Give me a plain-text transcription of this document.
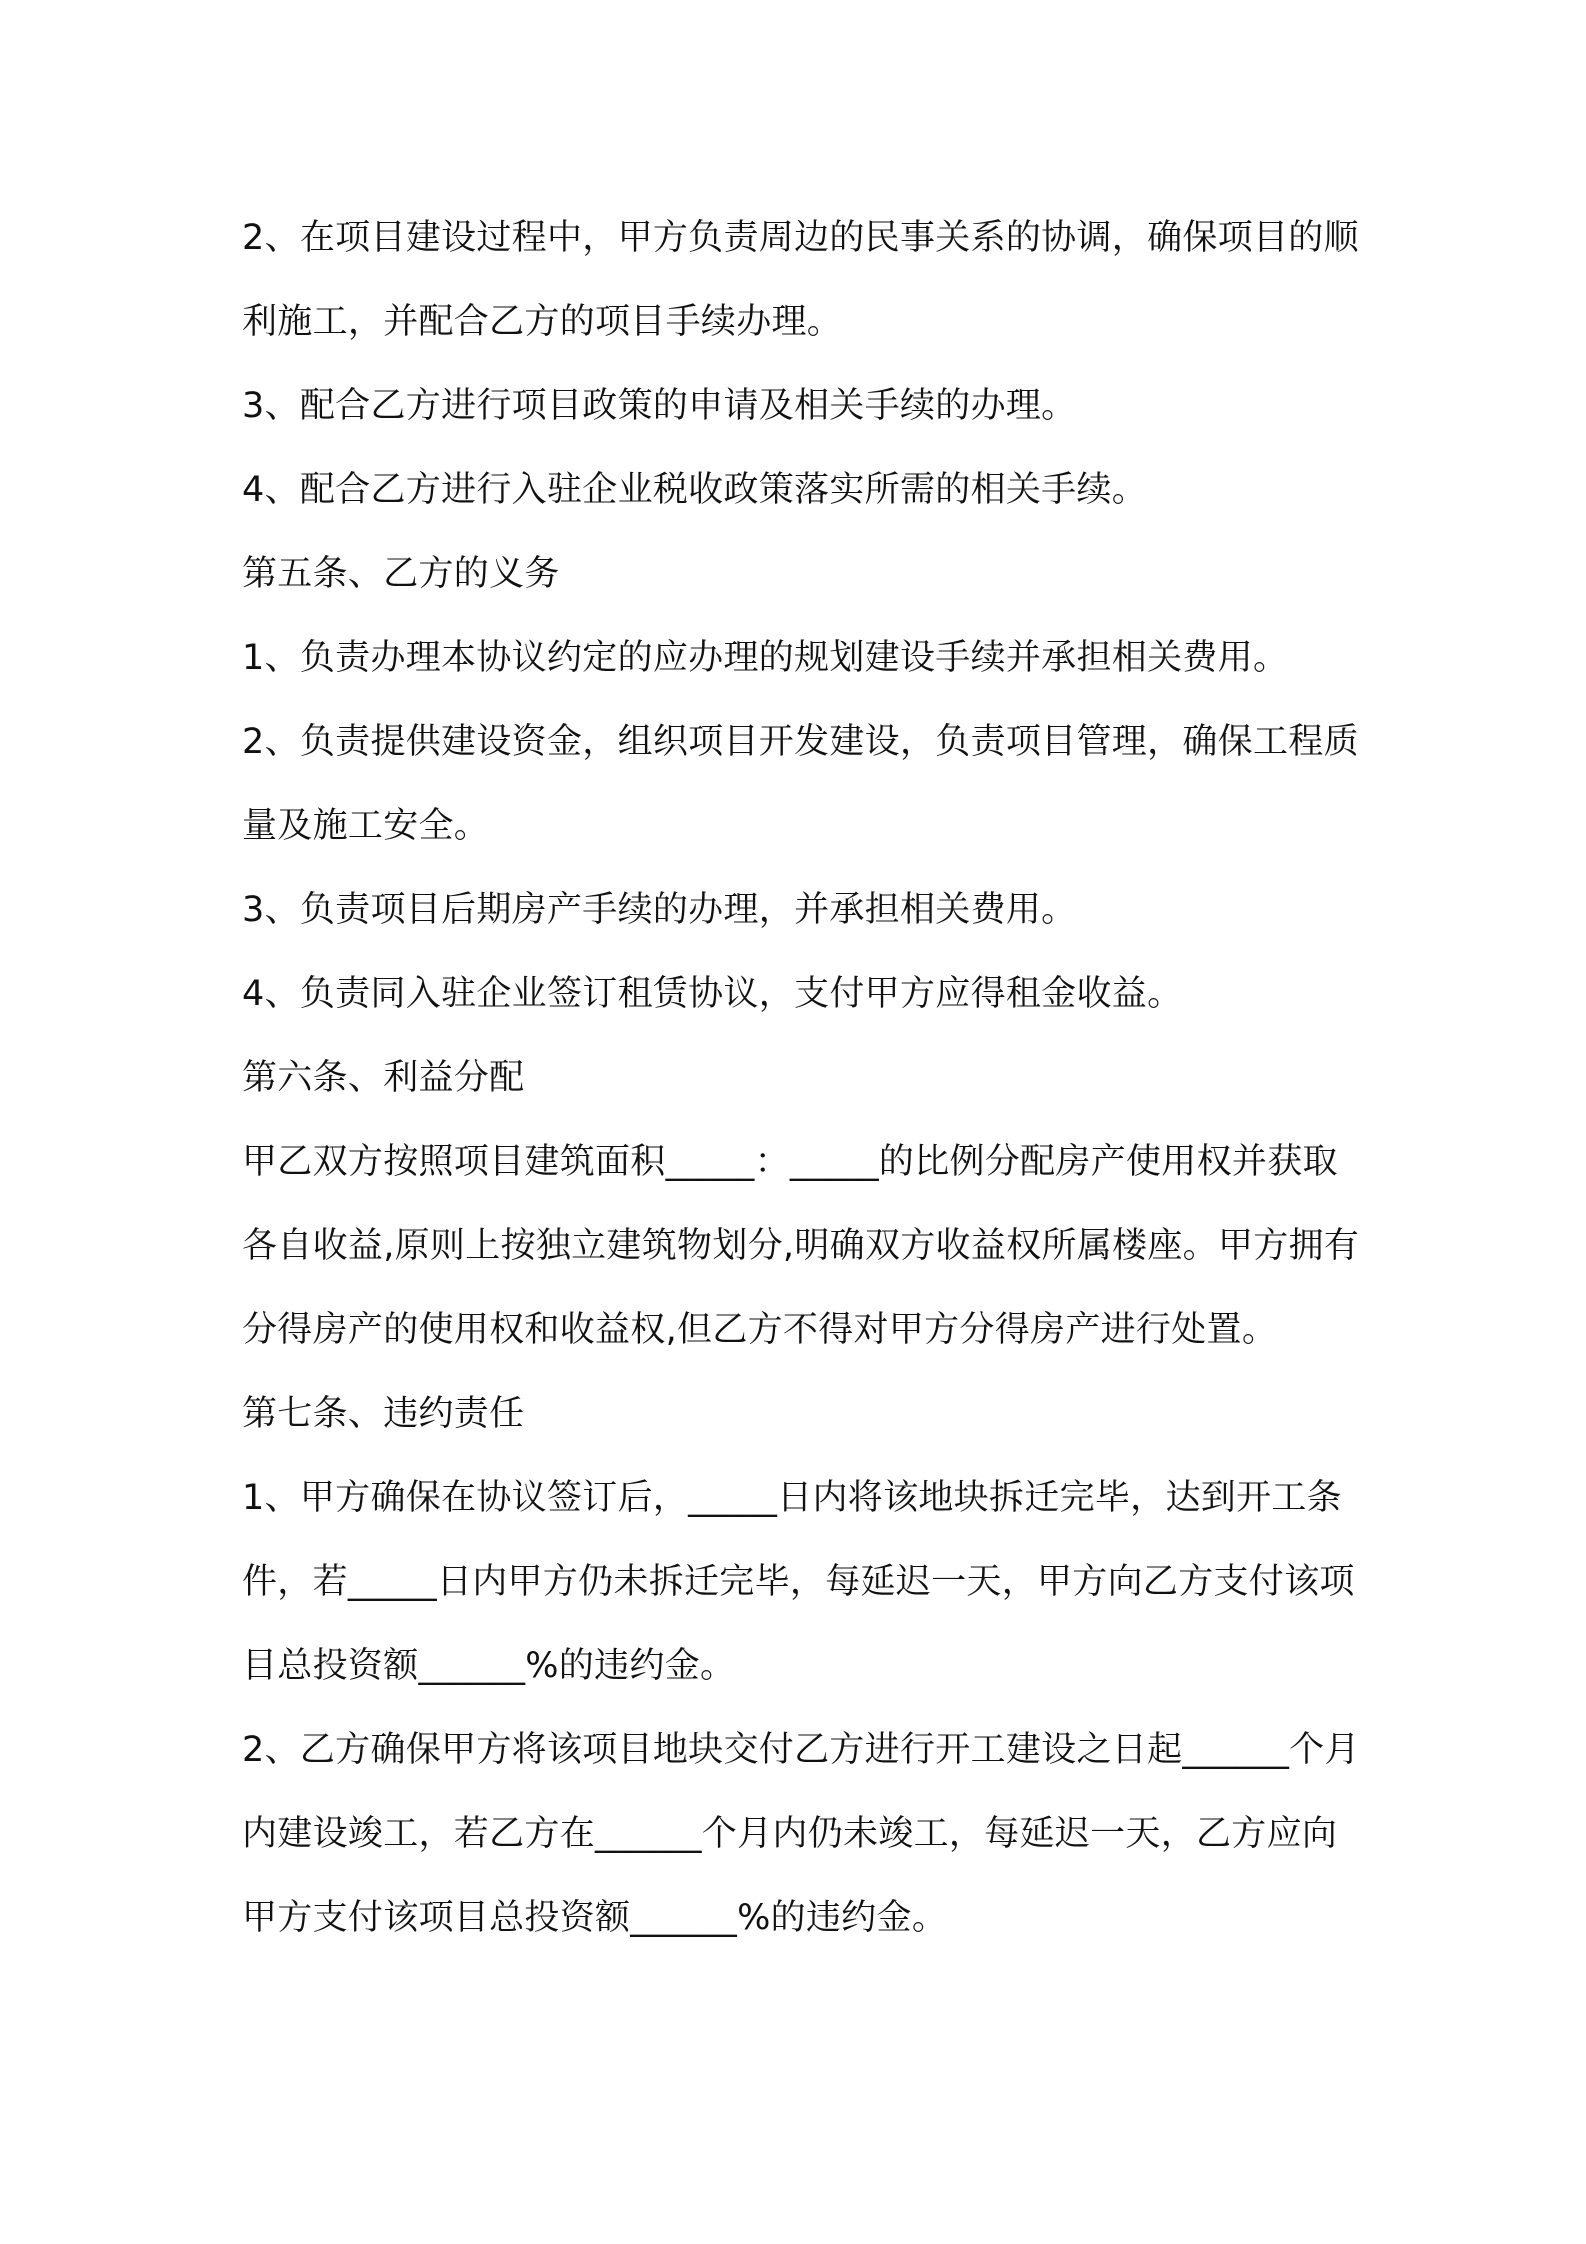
2、在项目建设过程中，甲方负责周边的民事关系的协调，确保项目的顺利施工，并配合乙方的项目手续办理。

3、配合乙方进行项目政策的申请及相关手续的办理。

4、配合乙方进行入驻企业税收政策落实所需的相关手续。

第五条、乙方的义务

1、负责办理本协议约定的应办理的规划建设手续并承担相关费用。

2、负责提供建设资金，组织项目开发建设，负责项目管理，确保工程质量及施工安全。

3、负责项目后期房产手续的办理，并承担相关费用。

4、负责同入驻企业签订租赁协议，支付甲方应得租金收益。

第六条、利益分配

甲乙双方按照项目建筑面积_____：_____的比例分配房产使用权并获取各自收益,原则上按独立建筑物划分,明确双方收益权所属楼座。甲方拥有分得房产的使用权和收益权,但乙方不得对甲方分得房产进行处置。

第七条、违约责任

1、甲方确保在协议签订后，_____日内将该地块拆迁完毕，达到开工条件，若_____日内甲方仍未拆迁完毕，每延迟一天，甲方向乙方支付该项目总投资额______%的违约金。

2、乙方确保甲方将该项目地块交付乙方进行开工建设之日起______个月内建设竣工，若乙方在______个月内仍未竣工，每延迟一天，乙方应向甲方支付该项目总投资额______%的违约金。
